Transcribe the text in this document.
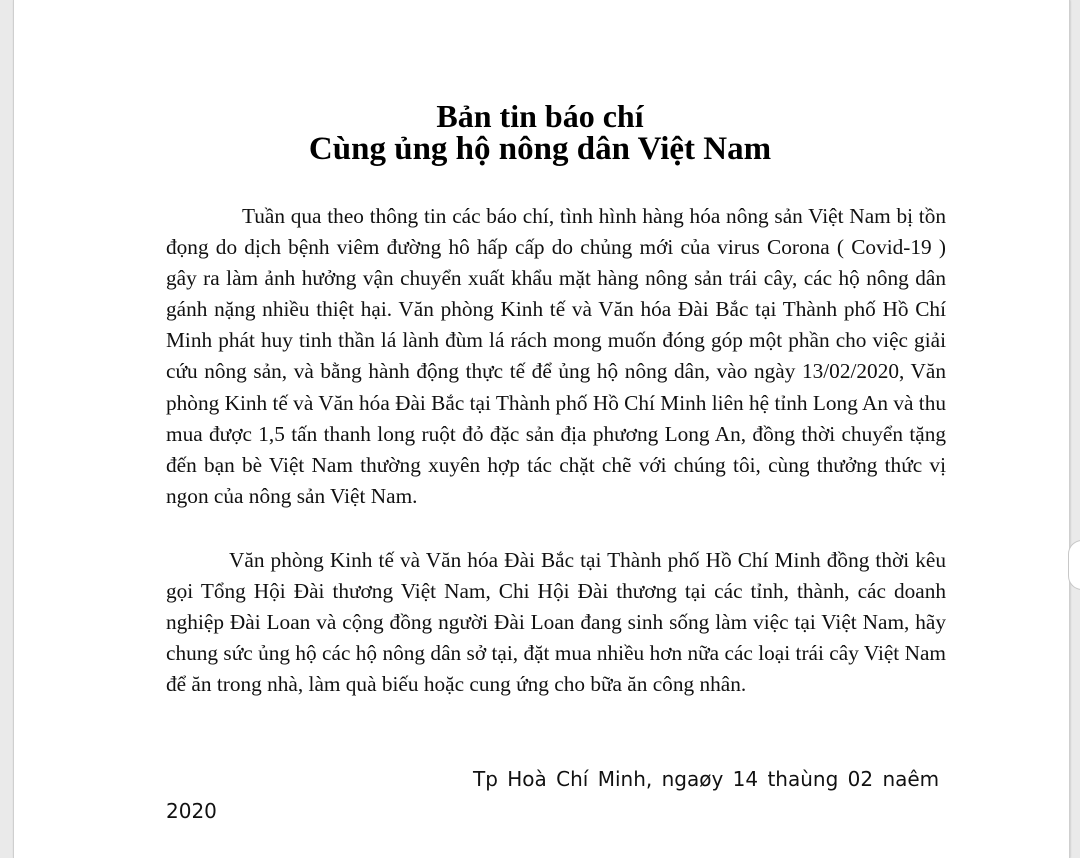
Bản tin báo chí
Cùng ủng hộ nông dân Việt Nam

Tuần qua theo thông tin các báo chí, tình hình hàng hóa nông sản Việt Nam bị tồn đọng do dịch bệnh viêm đường hô hấp cấp do chủng mới của virus Corona ( Covid-19 ) gây ra làm ảnh hưởng vận chuyển xuất khẩu mặt hàng nông sản trái cây, các hộ nông dân gánh nặng nhiều thiệt hại. Văn phòng Kinh tế và Văn hóa Đài Bắc tại Thành phố Hồ Chí Minh phát huy tinh thần lá lành đùm lá rách mong muốn đóng góp một phần cho việc giải cứu nông sản, và bằng hành động thực tế để ủng hộ nông dân, vào ngày 13/02/2020, Văn phòng Kinh tế và Văn hóa Đài Bắc tại Thành phố Hồ Chí Minh liên hệ tỉnh Long An và thu mua được 1,5 tấn thanh long ruột đỏ đặc sản địa phương Long An, đồng thời chuyển tặng đến bạn bè Việt Nam thường xuyên hợp tác chặt chẽ với chúng tôi, cùng thưởng thức vị ngon của nông sản Việt Nam.

Văn phòng Kinh tế và Văn hóa Đài Bắc tại Thành phố Hồ Chí Minh đồng thời kêu gọi Tổng Hội Đài thương Việt Nam, Chi Hội Đài thương tại các tỉnh, thành, các doanh nghiệp Đài Loan và cộng đồng người Đài Loan đang sinh sống làm việc tại Việt Nam, hãy chung sức ủng hộ các hộ nông dân sở tại, đặt mua nhiều hơn nữa các loại trái cây Việt Nam để ăn trong nhà, làm quà biếu hoặc cung ứng cho bữa ăn công nhân.

Tp Hoà Chí Minh, ngaøy 14 thaùng 02 naêm

2020
